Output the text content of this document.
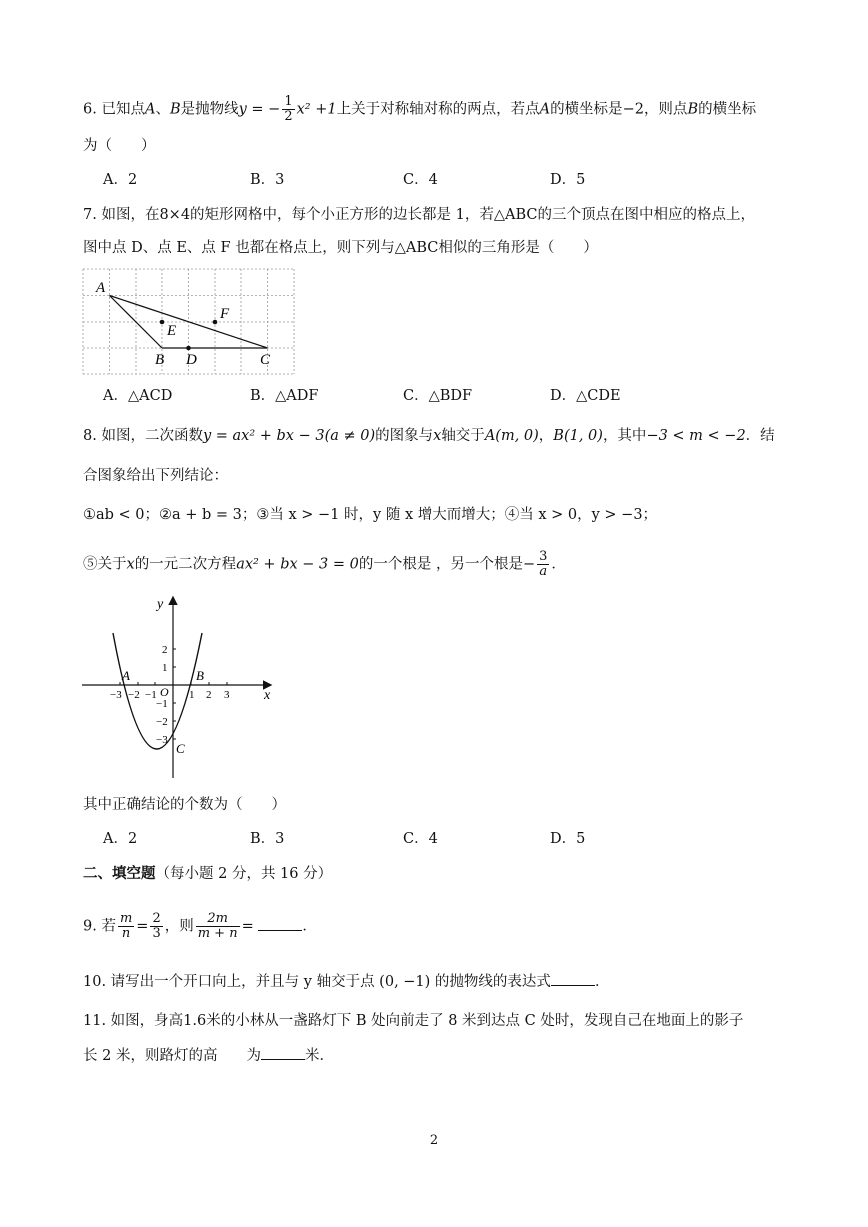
6. 已知点A、B是抛物线y = − $\frac{1}{2} x^2 +1$上关于对称轴对称的两点，若点A的横坐标是−2，则点B的横坐标
为（　　）
A．2	B．3	C．4	D．5
7. 如图，在8×4的矩形网格中，每个小正方形的边长都是 1，若△ABC的三个顶点在图中相应的格点上，
图中点 D、点 E、点 F 也都在格点上，则下列与△ABC相似的三角形是（　　）
A
B D	C
E
F
A．△ACD	B．△ADF	C．△BDF	D．△CDE
8. 如图，二次函数y = ax² + bx − 3(a ≠ 0)的图象与x轴交于A(m, 0)，B(1, 0)，其中−3 < m < −2．结
合图象给出下列结论：
①ab < 0；②a + b = 3；③当 x > −1 时，y 随 x 增大而增大；④当 x > 0，y > −3；
⑤关于x的一元二次方程ax² + bx − 3 = 0的一个根是 ，另一个根是− $\frac{3}{a}$ ．
y
x
O
A	B
C
−3 −2 −1	1 2 3
2
1
−1
−2
−3
其中正确结论的个数为（　　）
A．2	B．3	C．4	D．5
二、填空题（每小题 2 分，共 16 分）
9. 若 $\frac{m}{n} = \frac{2}{3}$ ，则 $\frac{2m}{m + n}$ =	．
10. 请写出一个开口向上，并且与 y 轴交于点 (0, −1) 的抛物线的表达式	．
11. 如图，身高1.6米的小林从一盏路灯下 B 处向前走了 8 米到达点 C 处时，发现自己在地面上的影子
长 2 米，则路灯的高　　为	米．
2
